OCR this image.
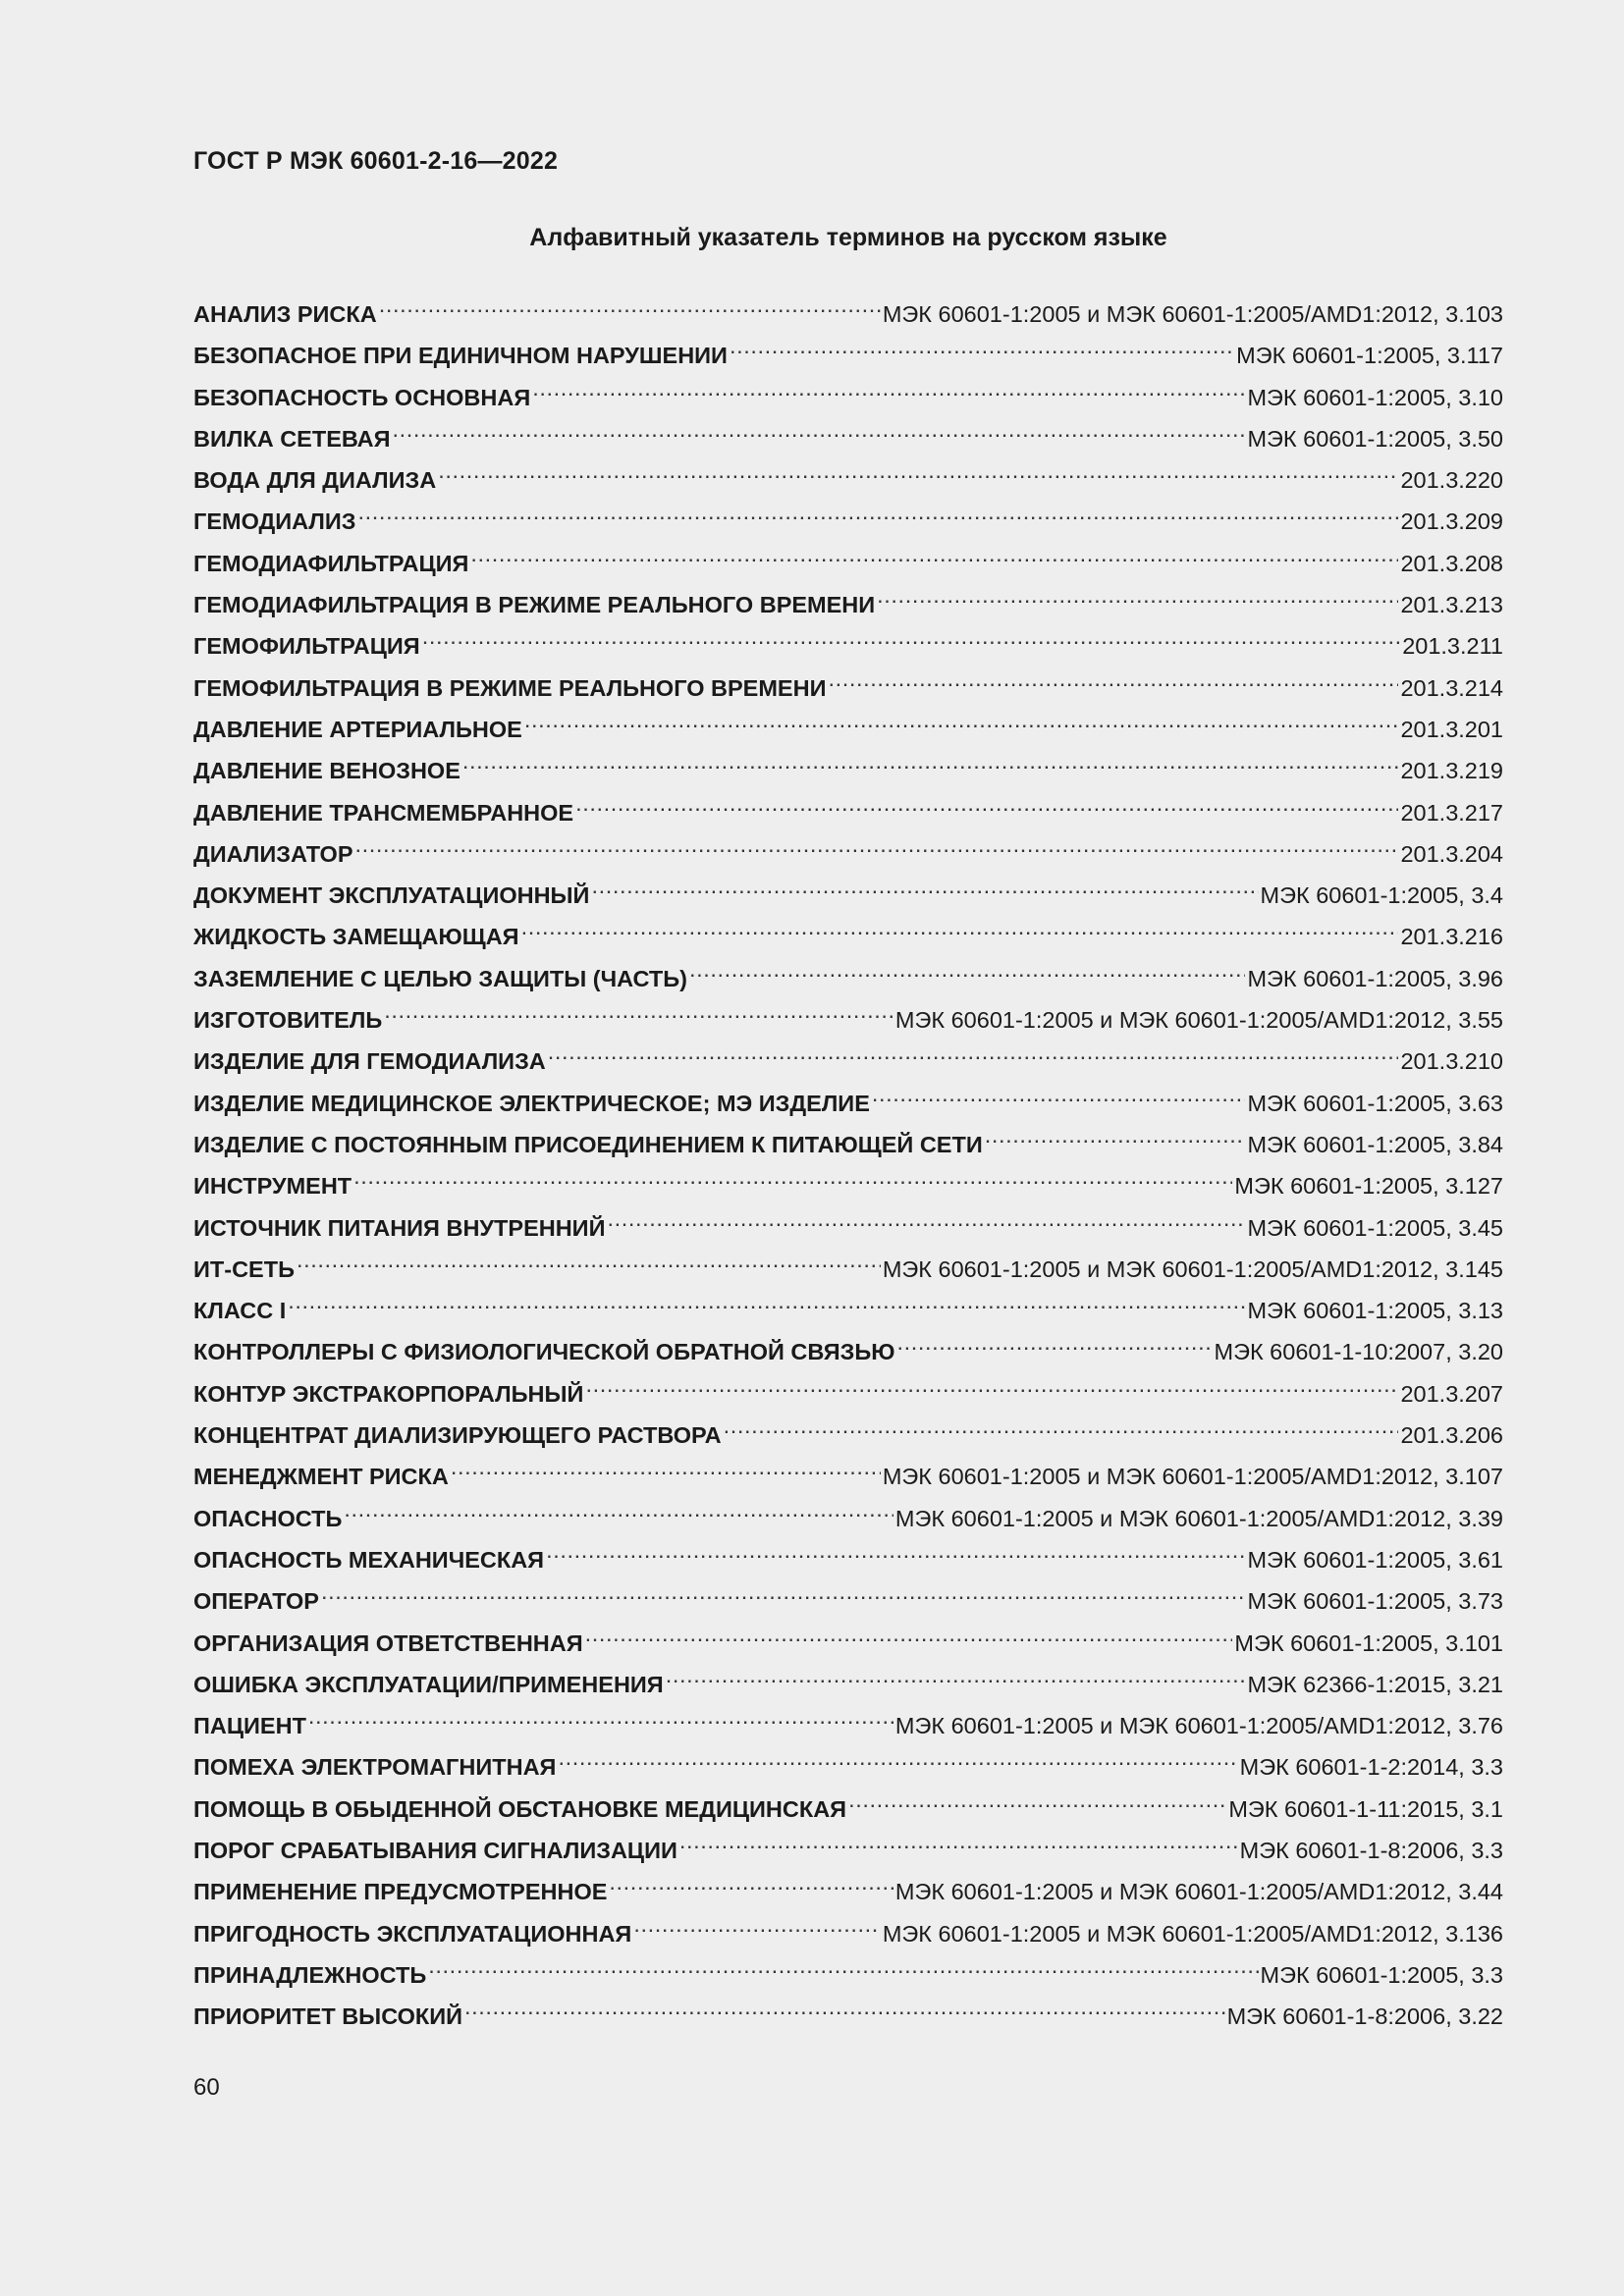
ГОСТ Р МЭК 60601-2-16—2022
Алфавитный указатель терминов на русском языке
АНАЛИЗ РИСКА .....	МЭК 60601-1:2005 и МЭК 60601-1:2005/AMD1:2012, 3.103
БЕЗОПАСНОЕ ПРИ ЕДИНИЧНОМ НАРУШЕНИИ .....	МЭК 60601-1:2005, 3.117
БЕЗОПАСНОСТЬ ОСНОВНАЯ .....	МЭК 60601-1:2005, 3.10
ВИЛКА СЕТЕВАЯ .....	МЭК 60601-1:2005, 3.50
ВОДА ДЛЯ ДИАЛИЗА .....	201.3.220
ГЕМОДИАЛИЗ .....	201.3.209
ГЕМОДИАФИЛЬТРАЦИЯ .....	201.3.208
ГЕМОДИАФИЛЬТРАЦИЯ В РЕЖИМЕ РЕАЛЬНОГО ВРЕМЕНИ .....	201.3.213
ГЕМОФИЛЬТРАЦИЯ .....	201.3.211
ГЕМОФИЛЬТРАЦИЯ В РЕЖИМЕ РЕАЛЬНОГО ВРЕМЕНИ .....	201.3.214
ДАВЛЕНИЕ АРТЕРИАЛЬНОЕ .....	201.3.201
ДАВЛЕНИЕ ВЕНОЗНОЕ .....	201.3.219
ДАВЛЕНИЕ ТРАНСМЕМБРАННОЕ .....	201.3.217
ДИАЛИЗАТОР .....	201.3.204
ДОКУМЕНТ ЭКСПЛУАТАЦИОННЫЙ .....	МЭК 60601-1:2005, 3.4
ЖИДКОСТЬ ЗАМЕЩАЮЩАЯ .....	201.3.216
ЗАЗЕМЛЕНИЕ С ЦЕЛЬЮ ЗАЩИТЫ (ЧАСТЬ) .....	МЭК 60601-1:2005, 3.96
ИЗГОТОВИТЕЛЬ .....	МЭК 60601-1:2005 и МЭК 60601-1:2005/AMD1:2012, 3.55
ИЗДЕЛИЕ ДЛЯ ГЕМОДИАЛИЗА .....	201.3.210
ИЗДЕЛИЕ МЕДИЦИНСКОЕ ЭЛЕКТРИЧЕСКОЕ; МЭ ИЗДЕЛИЕ .....	МЭК 60601-1:2005, 3.63
ИЗДЕЛИЕ С ПОСТОЯННЫМ ПРИСОЕДИНЕНИЕМ К ПИТАЮЩЕЙ СЕТИ .....	МЭК 60601-1:2005, 3.84
ИНСТРУМЕНТ .....	МЭК 60601-1:2005, 3.127
ИСТОЧНИК ПИТАНИЯ ВНУТРЕННИЙ .....	МЭК 60601-1:2005, 3.45
ИТ-СЕТЬ .....	МЭК 60601-1:2005 и МЭК 60601-1:2005/AMD1:2012, 3.145
КЛАСС I .....	МЭК 60601-1:2005, 3.13
КОНТРОЛЛЕРЫ С ФИЗИОЛОГИЧЕСКОЙ ОБРАТНОЙ СВЯЗЬЮ .....	МЭК 60601-1-10:2007, 3.20
КОНТУР ЭКСТРАКОРПОРАЛЬНЫЙ .....	201.3.207
КОНЦЕНТРАТ ДИАЛИЗИРУЮЩЕГО РАСТВОРА .....	201.3.206
МЕНЕДЖМЕНТ РИСКА .....	МЭК 60601-1:2005 и МЭК 60601-1:2005/AMD1:2012, 3.107
ОПАСНОСТЬ .....	МЭК 60601-1:2005 и МЭК 60601-1:2005/AMD1:2012, 3.39
ОПАСНОСТЬ МЕХАНИЧЕСКАЯ .....	МЭК 60601-1:2005, 3.61
ОПЕРАТОР .....	МЭК 60601-1:2005, 3.73
ОРГАНИЗАЦИЯ ОТВЕТСТВЕННАЯ .....	МЭК 60601-1:2005, 3.101
ОШИБКА ЭКСПЛУАТАЦИИ/ПРИМЕНЕНИЯ .....	МЭК 62366-1:2015, 3.21
ПАЦИЕНТ .....	МЭК 60601-1:2005 и МЭК 60601-1:2005/AMD1:2012, 3.76
ПОМЕХА ЭЛЕКТРОМАГНИТНАЯ .....	МЭК 60601-1-2:2014, 3.3
ПОМОЩЬ В ОБЫДЕННОЙ ОБСТАНОВКЕ МЕДИЦИНСКАЯ .....	МЭК 60601-1-11:2015, 3.1
ПОРОГ СРАБАТЫВАНИЯ СИГНАЛИЗАЦИИ .....	МЭК 60601-1-8:2006, 3.3
ПРИМЕНЕНИЕ ПРЕДУСМОТРЕННОЕ .....	МЭК 60601-1:2005 и МЭК 60601-1:2005/AMD1:2012, 3.44
ПРИГОДНОСТЬ ЭКСПЛУАТАЦИОННАЯ .....	МЭК 60601-1:2005 и МЭК 60601-1:2005/AMD1:2012, 3.136
ПРИНАДЛЕЖНОСТЬ .....	МЭК 60601-1:2005, 3.3
ПРИОРИТЕТ ВЫСОКИЙ .....	МЭК 60601-1-8:2006, 3.22
60
